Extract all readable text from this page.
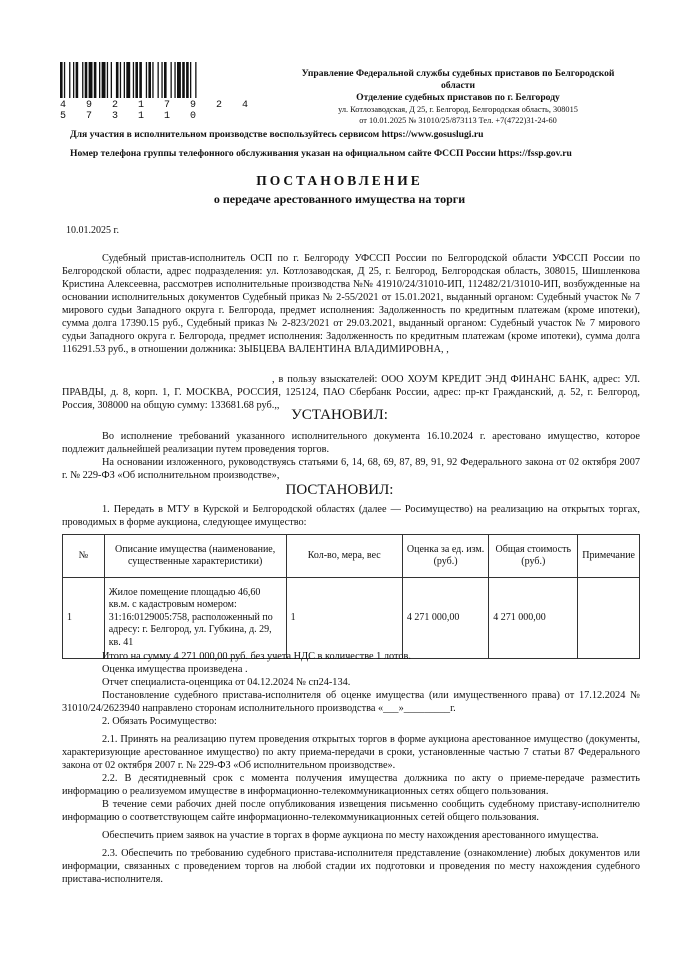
4 9 2 1 7 9 2 4 5 7 3 1 1 0
Управление Федеральной службы судебных приставов по Белгородской области
Отделение судебных приставов по г. Белгороду
ул. Котлозаводская, Д 25, г. Белгород, Белгородская область, 308015
от 10.01.2025 № 31010/25/873113 Тел. +7(4722)31-24-60
Для участия в исполнительном производстве воспользуйтесь сервисом https://www.gosuslugi.ru
Номер телефона группы телефонного обслуживания указан на официальном сайте ФССП России https://fssp.gov.ru
ПОСТАНОВЛЕНИЕ
о передаче арестованного имущества на торги
10.01.2025 г.

Судебный пристав-исполнитель ОСП по г. Белгороду УФССП России по Белгородской области УФССП России по Белгородской области, адрес подразделения: ул. Котлозаводская, Д 25, г. Белгород, Белгородская область, 308015, Шишленкова Кристина Алексеевна, рассмотрев исполнительные производства №№ 41910/24/31010-ИП, 112482/21/31010-ИП, возбужденные на основании исполнительных документов Судебный приказ № 2-55/2021 от 15.01.2021, выданный органом: Судебный участок № 7 мирового судьи Западного округа г. Белгорода, предмет исполнения: Задолженность по кредитным платежам (кроме ипотеки), сумма долга 17390.15 руб., Судебный приказ № 2-823/2021 от 29.03.2021, выданный органом: Судебный участок № 7 мирового судьи Западного округа г. Белгорода, предмет исполнения: Задолженность по кредитным платежам (кроме ипотеки), сумма долга 116291.53 руб., в отношении должника: ЗЫБЦЕВА ВАЛЕНТИНА ВЛАДИМИРОВНА, ,

, в пользу взыскателей: ООО ХОУМ КРЕДИТ ЭНД ФИНАНС БАНК, адрес: УЛ. ПРАВДЫ, д. 8, корп. 1, Г. МОСКВА, РОССИЯ, 125124, ПАО Сбербанк России, адрес: пр-кт Гражданский, д. 52, г. Белгород, Россия, 308000 на общую сумму: 133681.68 руб.,,
УСТАНОВИЛ:

Во исполнение требований указанного исполнительного документа 16.10.2024 г. арестовано имущество, которое подлежит дальнейшей реализации путем проведения торгов.

На основании изложенного, руководствуясь статьями 6, 14, 68, 69, 87, 89, 91, 92 Федерального закона от 02 октября 2007 г. № 229-ФЗ «Об исполнительном производстве»,

ПОСТАНОВИЛ:

1. Передать в МТУ в Курской и Белгородской областях (далее — Росимущество) на реализацию на открытых торгах, проводимых в форме аукциона, следующее имущество:

№	Описание имущества (наименование, существенные характеристики)	Кол-во, мера, вес	Оценка за ед. изм. (руб.)	Общая стоимость (руб.)	Примечание
1	Жилое помещение площадью 46,60 кв.м. с кадастровым номером: 31:16:0129005:758, расположенный по адресу: г. Белгород, ул. Губкина, д. 29, кв. 41	1	4 271 000,00	4 271 000,00	

Итого на сумму 4 271 000,00 руб. без учета НДС в количестве 1 лотов.

Оценка имущества произведена .

Отчет специалиста-оценщика от 04.12.2024 № сп24-134.

Постановление судебного пристава-исполнителя об оценке имущества (или имущественного права) от 17.12.2024 № 31010/24/2623940 направлено сторонам исполнительного производства «___»_________г.

2. Обязать Росимущество:

2.1. Принять на реализацию путем проведения открытых торгов в форме аукциона арестованное имущество (документы, характеризующие арестованное имущество) по акту приема-передачи в сроки, установленные частью 7 статьи 87 Федерального закона от 02 октября 2007 г. № 229-ФЗ «Об исполнительном производстве».

2.2. В десятидневный срок с момента получения имущества должника по акту о приеме-передаче разместить информацию о реализуемом имуществе в информационно-телекоммуникационных сетях общего пользования.

В течение семи рабочих дней после опубликования извещения письменно сообщить судебному приставу-исполнителю информацию о соответствующем сайте информационно-телекоммуникационных сетей общего пользования.

Обеспечить прием заявок на участие в торгах в форме аукциона по месту нахождения арестованного имущества.

2.3. Обеспечить по требованию судебного пристава-исполнителя представление (ознакомление) любых документов или информации, связанных с проведением торгов на любой стадии их подготовки и проведения по месту нахождения судебного пристава-исполнителя.
